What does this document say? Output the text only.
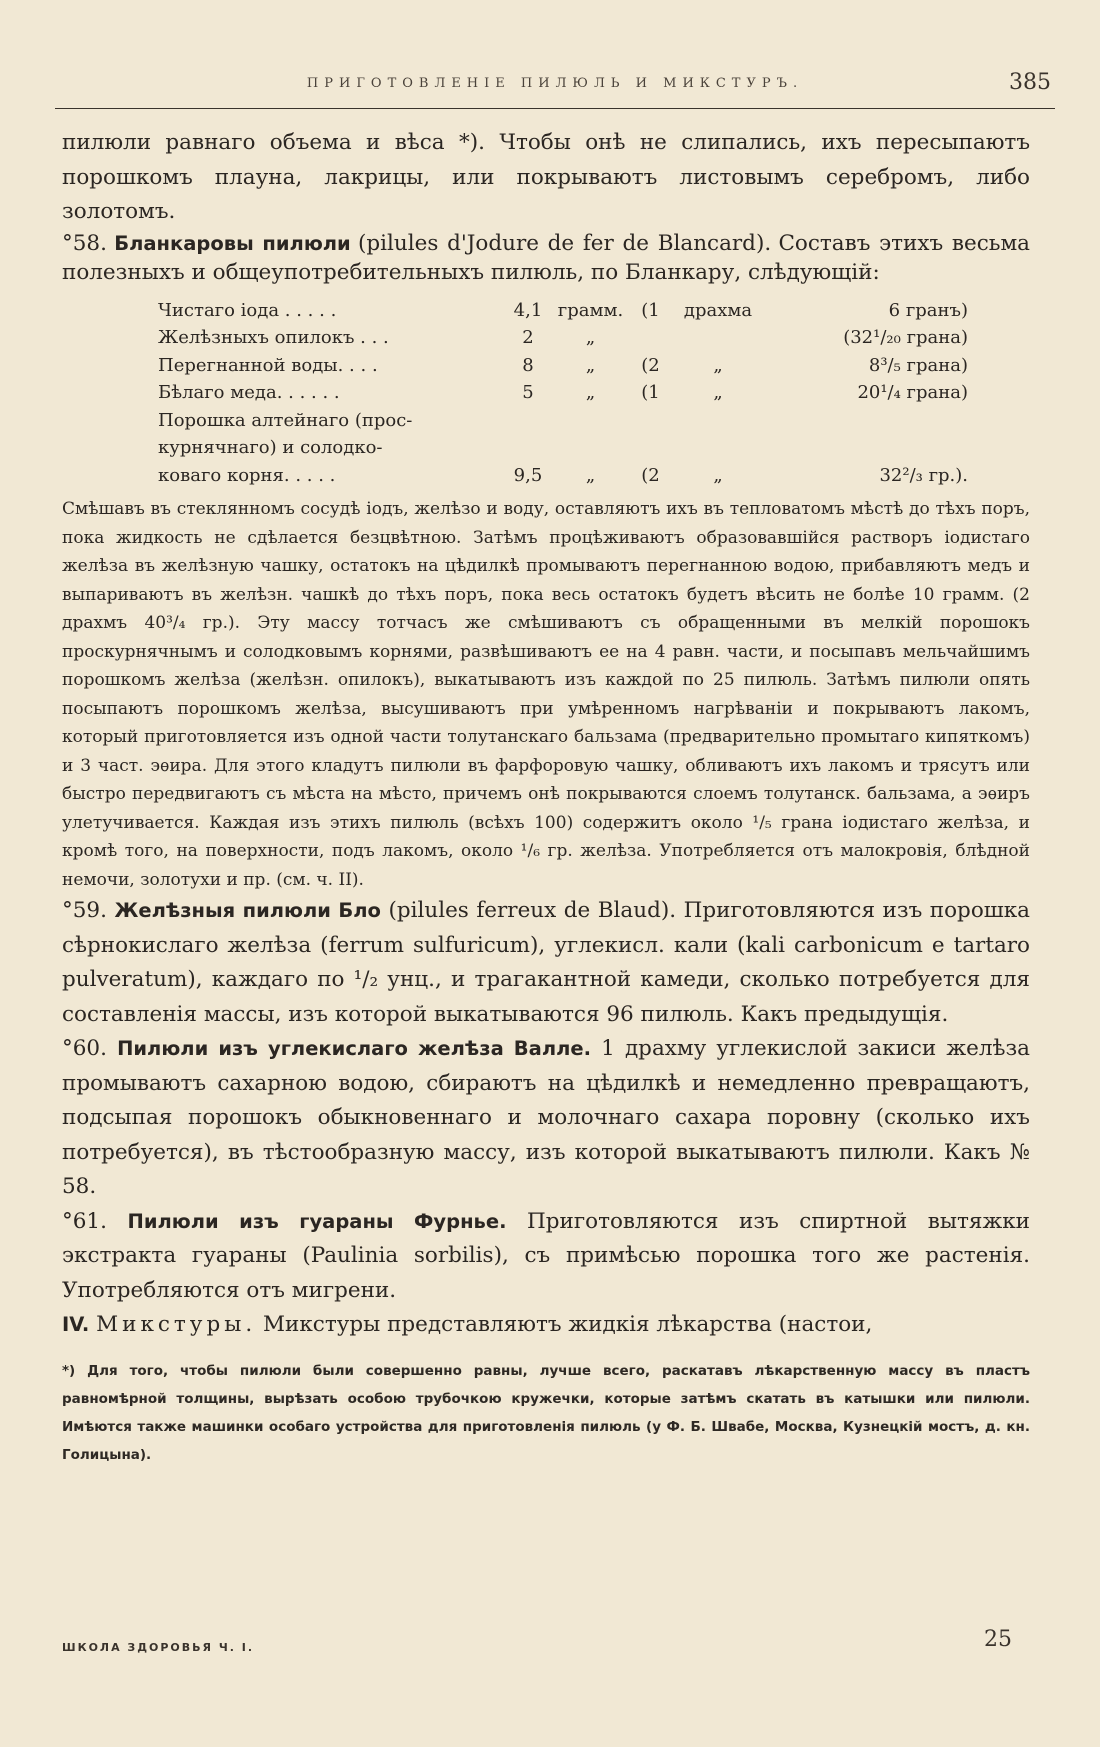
ПРИГОТОВЛЕНІЕ ПИЛЮЛЬ И МИКСТУРЪ.	385

пилюли равнаго объема и вѣса *). Чтобы онѣ не слипались, ихъ пересыпаютъ порошкомъ плауна, лакрицы, или покрываютъ листовымъ серебромъ, либо золотомъ.

°58. Бланкаровы пилюли (pilules d'Jodure de fer de Blancard). Составъ этихъ весьма полезныхъ и общеупотребительныхъ пилюль, по Бланкару, слѣдующій:

Чистаго іода . . . . .	4,1 грамм.	(1	драхма	6 гранъ)
Желѣзныхъ опилокъ . . .	2	„	(32¹/₂₀ грана)
Перегнанной воды. . . .	8	„	(2	„	8³/₅ грана)
Бѣлаго меда. . . . . .	5	„	(1	„	20¹/₄ грана)
Порошка алтейнаго (прос-
курнячнаго) и солодко-
коваго корня. . . . .	9,5	„	(2	„	32²/₃ гр.).

Смѣшавъ въ стеклянномъ сосудѣ іодъ, желѣзо и воду, оставляютъ ихъ въ тепловатомъ мѣстѣ до тѣхъ поръ, пока жидкость не сдѣлается безцвѣтною. Затѣмъ процѣживаютъ образовавшійся растворъ іодистаго желѣза въ желѣзную чашку, остатокъ на цѣдилкѣ промываютъ перегнанною водою, прибавляютъ медъ и выпариваютъ въ желѣзн. чашкѣ до тѣхъ поръ, пока весь остатокъ будетъ вѣсить не болѣе 10 грамм. (2 драхмъ 40³/₄ гр.). Эту массу тотчасъ же смѣшиваютъ съ обращенными въ мелкій порошокъ проскурнячнымъ и солодковымъ корнями, развѣшиваютъ ее на 4 равн. части, и посыпавъ мельчайшимъ порошкомъ желѣза (желѣзн. опилокъ), выкатываютъ изъ каждой по 25 пилюль. Затѣмъ пилюли опять посыпаютъ порошкомъ желѣза, высушиваютъ при умѣренномъ нагрѣваніи и покрываютъ лакомъ, который приготовляется изъ одной части толутанскаго бальзама (предварительно промытаго кипяткомъ) и 3 част. эѳира. Для этого кладутъ пилюли въ фарфоровую чашку, обливаютъ ихъ лакомъ и трясутъ или быстро передвигаютъ съ мѣста на мѣсто, причемъ онѣ покрываются слоемъ толутанск. бальзама, а эѳиръ улетучивается. Каждая изъ этихъ пилюль (всѣхъ 100) содержитъ около ¹/₅ грана іодистаго желѣза, и кромѣ того, на поверхности, подъ лакомъ, около ¹/₆ гр. желѣза. Употребляется отъ малокровія, блѣдной немочи, золотухи и пр. (см. ч. II).

°59. Желѣзныя пилюли Бло (pilules ferreux de Blaud). Приготовляются изъ порошка сѣрнокислаго желѣза (ferrum sulfuricum), углекисл. кали (kali carbonicum e tartaro pulveratum), каждаго по ¹/₂ унц., и трагакантной камеди, сколько потребуется для составленія массы, изъ которой выкатываются 96 пилюль. Какъ предыдущія.

°60. Пилюли изъ углекислаго желѣза Валле. 1 драхму углекислой закиси желѣза промываютъ сахарною водою, сбираютъ на цѣдилкѣ и немедленно превращаютъ, подсыпая порошокъ обыкновеннаго и молочнаго сахара поровну (сколько ихъ потребуется), въ тѣстообразную массу, изъ которой выкатываютъ пилюли. Какъ № 58.

°61. Пилюли изъ гуараны Фурнье. Приготовляются изъ спиртной вытяжки экстракта гуараны (Paulinia sorbilis), съ примѣсью порошка того же растенія. Употребляются отъ мигрени.

IV. Микстуры. Микстуры представляютъ жидкія лѣкарства (настои,

*) Для того, чтобы пилюли были совершенно равны, лучше всего, раскатавъ лѣкарственную массу въ пластъ равномѣрной толщины, вырѣзать особою трубочкою кружечки, которые затѣмъ скатать въ катышки или пилюли. Имѣются также машинки особаго устройства для приготовленія пилюль (у Ф. Б. Швабе, Москва, Кузнецкій мостъ, д. кн. Голицына).

ШКОЛА ЗДОРОВЬЯ Ч. I.	25
